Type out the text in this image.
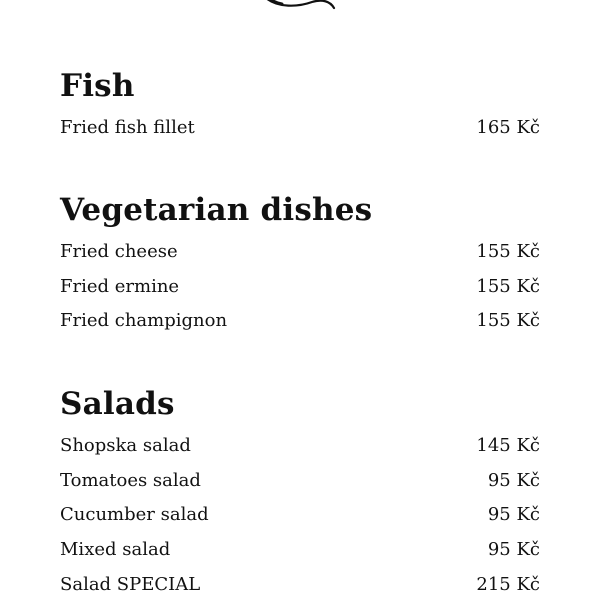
Fish
Fried fish fillet	165 Kč
Vegetarian dishes
Fried cheese	155 Kč
Fried ermine	155 Kč
Fried champignon	155 Kč
Salads
Shopska salad	145 Kč
Tomatoes salad	95 Kč
Cucumber salad	95 Kč
Mixed salad	95 Kč
Salad SPECIAL	215 Kč
